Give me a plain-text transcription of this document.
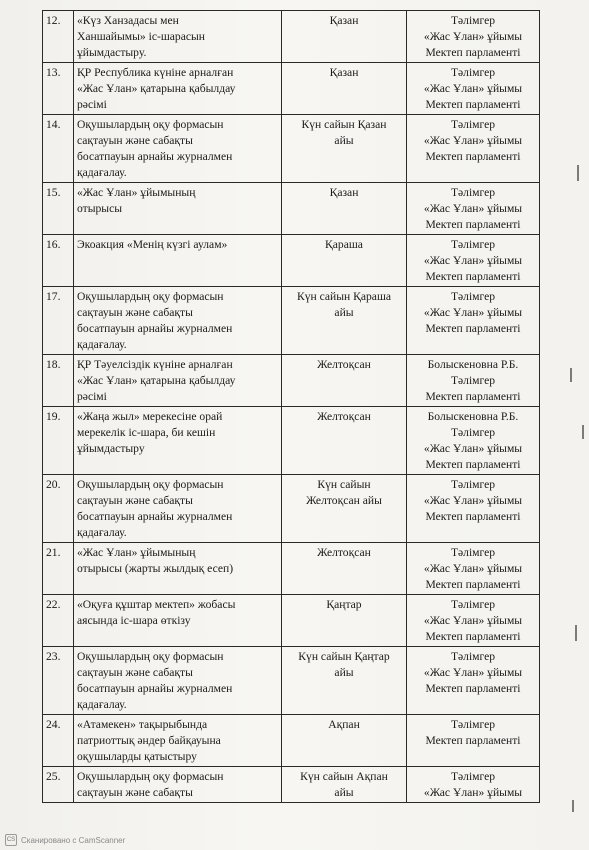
12.	«Күз Ханзадасы мен
Ханшайымы» іс-шарасын
ұйымдастыру.	Қазан	Тәлімгер
«Жас Ұлан» ұйымы
Мектеп парламенті

13.	ҚР Республика күніне арналған
«Жас Ұлан» қатарына қабылдау
рәсімі	Қазан	Тәлімгер
«Жас Ұлан» ұйымы
Мектеп парламенті

14.	Оқушылардың оқу формасын
сақтауын және сабақты
босатпауын арнайы журналмен
қадағалау.	Күн сайын Қазан
айы	Тәлімгер
«Жас Ұлан» ұйымы
Мектеп парламенті

15.	«Жас Ұлан» ұйымының
отырысы	Қазан	Тәлімгер
«Жас Ұлан» ұйымы
Мектеп парламенті

16.	Экоакция «Менің күзгі аулам»	Қараша	Тәлімгер
«Жас Ұлан» ұйымы
Мектеп парламенті

17.	Оқушылардың оқу формасын
сақтауын және сабақты
босатпауын арнайы журналмен
қадағалау.	Күн сайын Қараша
айы	Тәлімгер
«Жас Ұлан» ұйымы
Мектеп парламенті

18.	ҚР Тәуелсіздік күніне арналған
«Жас Ұлан» қатарына қабылдау
рәсімі	Желтоқсан	Болыскеновна Р.Б.
Тәлімгер
Мектеп парламенті

19.	«Жаңа жыл» мерекесіне орай
мерекелік іс-шара, би кешін
ұйымдастыру	Желтоқсан	Болыскеновна Р.Б.
Тәлімгер
«Жас Ұлан» ұйымы
Мектеп парламенті

20.	Оқушылардың оқу формасын
сақтауын және сабақты
босатпауын арнайы журналмен
қадағалау.	Күн сайын
Желтоқсан айы	Тәлімгер
«Жас Ұлан» ұйымы
Мектеп парламенті

21.	«Жас Ұлан» ұйымының
отырысы (жарты жылдық есеп)	Желтоқсан	Тәлімгер
«Жас Ұлан» ұйымы
Мектеп парламенті

22.	«Оқуға құштар мектеп» жобасы
аясында іс-шара өткізу	Қаңтар	Тәлімгер
«Жас Ұлан» ұйымы
Мектеп парламенті

23.	Оқушылардың оқу формасын
сақтауын және сабақты
босатпауын арнайы журналмен
қадағалау.	Күн сайын Қаңтар
айы	Тәлімгер
«Жас Ұлан» ұйымы
Мектеп парламенті

24.	«Атамекен» тақырыбында
патриоттық әндер байқауына
оқушыларды қатыстыру	Ақпан	Тәлімгер
Мектеп парламенті

25.	Оқушылардың оқу формасын
сақтауын және сабақты	Күн сайын Ақпан
айы	Тәлімгер
«Жас Ұлан» ұйымы
CS Сканировано с CamScanner
